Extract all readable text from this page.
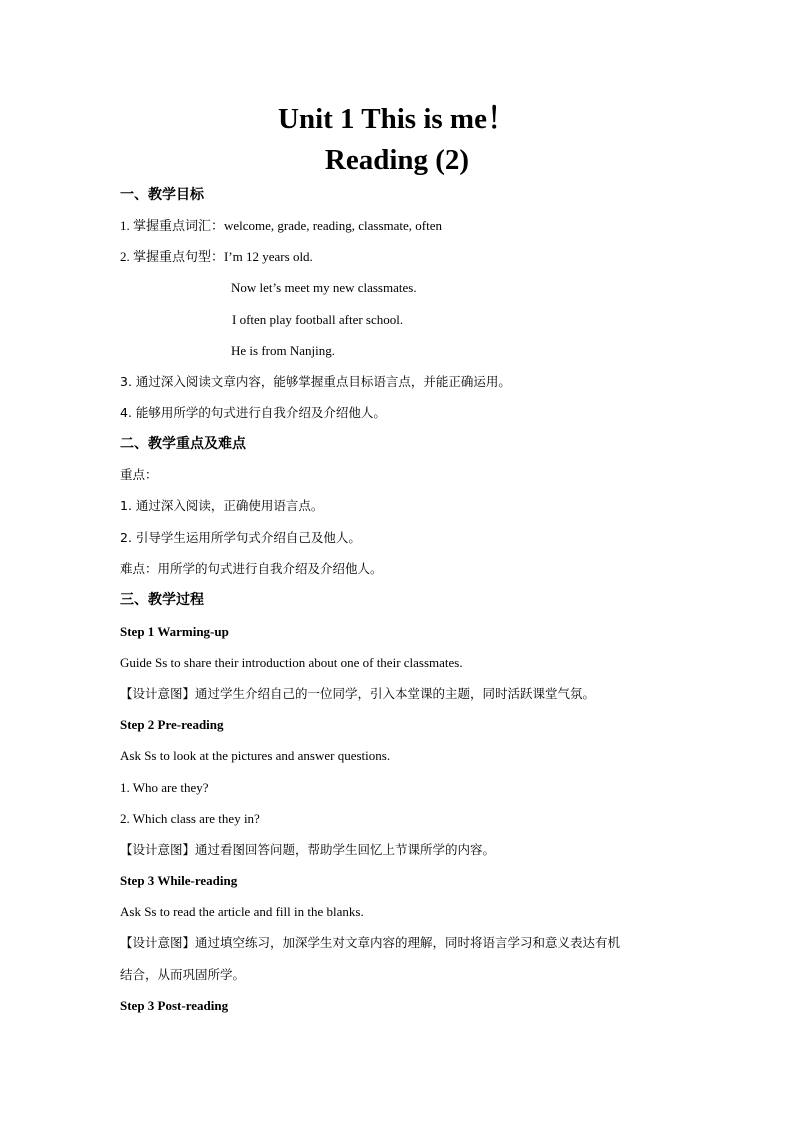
Unit 1 This is me！
Reading (2)
一、教学目标
1. 掌握重点词汇：welcome, grade, reading, classmate, often
2. 掌握重点句型：I’m 12 years old.
Now let’s meet my new classmates.
I often play football after school.
He is from Nanjing.
3. 通过深入阅读文章内容，能够掌握重点目标语言点，并能正确运用。
4. 能够用所学的句式进行自我介绍及介绍他人。
二、教学重点及难点
重点：
1. 通过深入阅读，正确使用语言点。
2. 引导学生运用所学句式介绍自己及他人。
难点：用所学的句式进行自我介绍及介绍他人。
三、教学过程
Step 1 Warming-up
Guide Ss to share their introduction about one of their classmates.
【设计意图】通过学生介绍自己的一位同学，引入本堂课的主题，同时活跃课堂气氛。
Step 2 Pre-reading
Ask Ss to look at the pictures and answer questions.
1. Who are they?
2. Which class are they in?
【设计意图】通过看图回答问题，帮助学生回忆上节课所学的内容。
Step 3 While-reading
Ask Ss to read the article and fill in the blanks.
【设计意图】通过填空练习，加深学生对文章内容的理解，同时将语言学习和意义表达有机
结合，从而巩固所学。
Step 3 Post-reading
